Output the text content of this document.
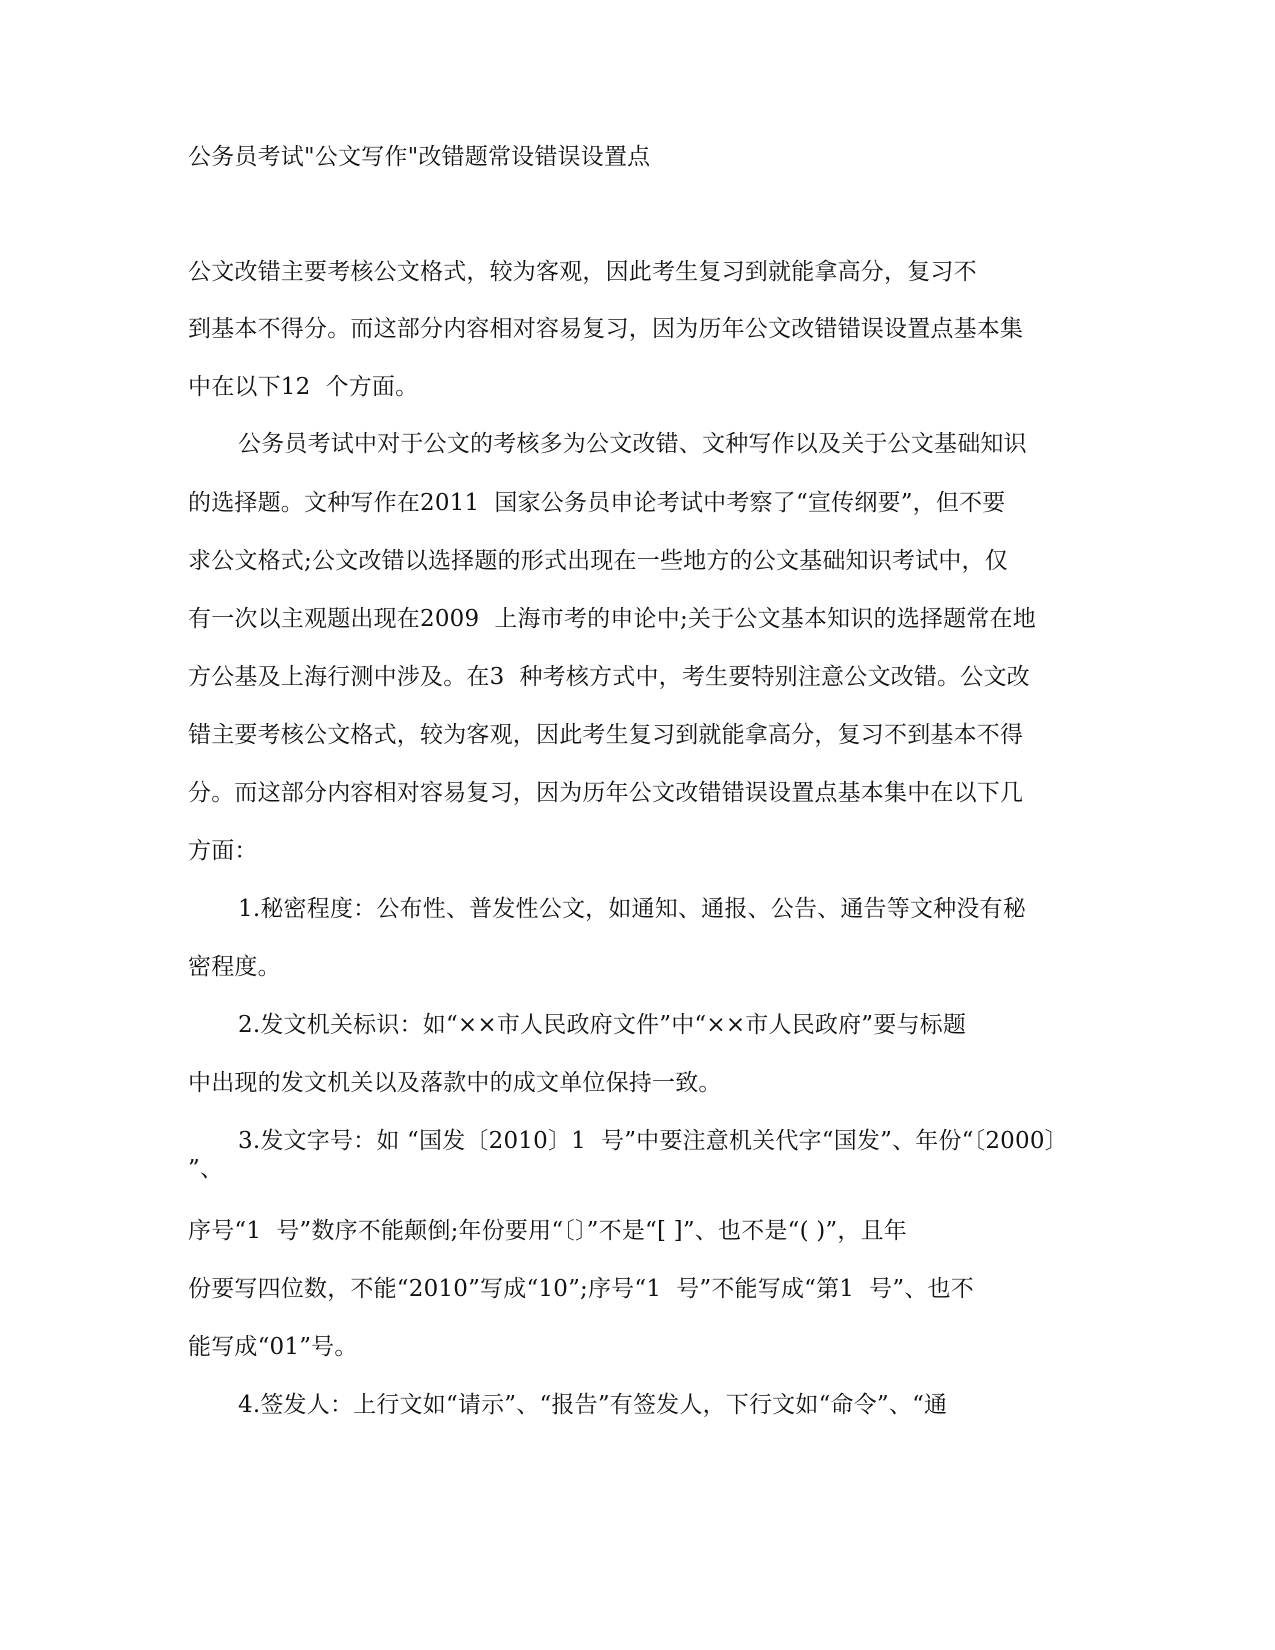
公务员考试"公文写作"改错题常设错误设置点
公文改错主要考核公文格式，较为客观，因此考生复习到就能拿高分，复习不
到基本不得分。而这部分内容相对容易复习，因为历年公文改错错误设置点基本集
中在以下12  个方面。
公务员考试中对于公文的考核多为公文改错、文种写作以及关于公文基础知识
的选择题。文种写作在2011  国家公务员申论考试中考察了“宣传纲要”，但不要
求公文格式;公文改错以选择题的形式出现在一些地方的公文基础知识考试中，仅
有一次以主观题出现在2009  上海市考的申论中;关于公文基本知识的选择题常在地
方公基及上海行测中涉及。在3  种考核方式中，考生要特别注意公文改错。公文改
错主要考核公文格式，较为客观，因此考生复习到就能拿高分，复习不到基本不得
分。而这部分内容相对容易复习，因为历年公文改错错误设置点基本集中在以下几
方面：
1.秘密程度：公布性、普发性公文，如通知、通报、公告、通告等文种没有秘
密程度。
2.发文机关标识：如“××市人民政府文件”中“××市人民政府”要与标题
中出现的发文机关以及落款中的成文单位保持一致。
3.发文字号：如 “国发〔2010〕1  号”中要注意机关代字“国发”、年份“〔2000〕
”、
序号“1  号”数序不能颠倒;年份要用“〔〕”不是“[ ]”、也不是“( )”，且年
份要写四位数，不能“2010”写成“10”;序号“1  号”不能写成“第1  号”、也不
能写成“01”号。
4.签发人：上行文如“请示”、“报告”有签发人，下行文如“命令”、“通
